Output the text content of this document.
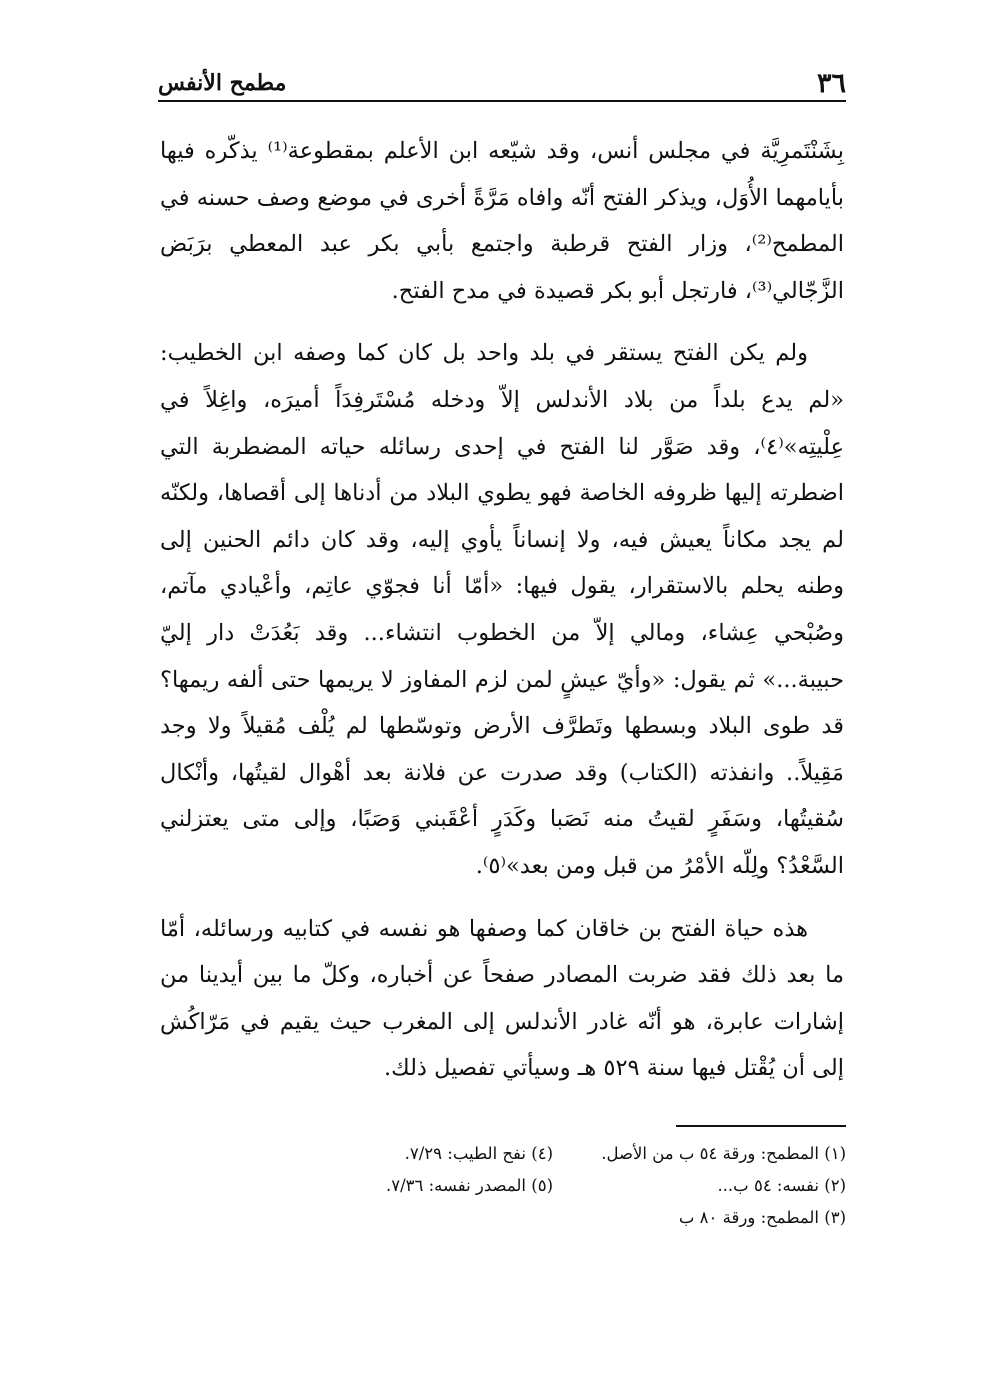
٣٦
مطمح الأنفس

بِشَنْتَمرِيَّة في مجلس أنس، وقد شيّعه ابن الأعلم بمقطوعة⁽¹⁾ يذكّره فيها بأيامهما الأُوَل، ويذكر الفتح أنّه وافاه مَرَّةً أخرى في موضع وصف حسنه في المطمح⁽²⁾، وزار الفتح قرطبة واجتمع بأبي بكر عبد المعطي برَبَض الزَّجّالي⁽³⁾، فارتجل أبو بكر قصيدة في مدح الفتح.

ولم يكن الفتح يستقر في بلد واحد بل كان كما وصفه ابن الخطيب: «لم يدع بلداً من بلاد الأندلس إلاّ ودخله مُسْتَرفِدَاً أميرَه، واغِلاً في عِلْيتِه»⁽٤⁾، وقد صَوَّر لنا الفتح في إحدى رسائله حياته المضطربة التي اضطرته إليها ظروفه الخاصة فهو يطوي البلاد من أدناها إلى أقصاها، ولكنّه لم يجد مكاناً يعيش فيه، ولا إنساناً يأوي إليه، وقد كان دائم الحنين إلى وطنه يحلم بالاستقرار، يقول فيها: «أمّا أنا فجوّي عاتِم، وأعْيادي مآتم، وصُبْحي عِشاء، ومالي إلاّ من الخطوب انتشاء... وقد بَعُدَتْ دار إليّ حبيبة...» ثم يقول: «وأيّ عيشٍ لمن لزم المفاوز لا يريمها حتى ألفه ريمها؟ قد طوى البلاد وبسطها وتَطرَّف الأرض وتوسّطها لم يُلْف مُقيلاً ولا وجد مَقِيلاً.. وانفذته (الكتاب) وقد صدرت عن فلانة بعد أهْوال لقيتُها، وأنْكال سُقيتُها، وسَفَرٍ لقيتُ منه نَصَبا وكَدَرٍ أعْقَبني وَصَبًا، وإلى متى يعتزلني السَّعْدُ؟ ولِلّه الأمْرُ من قبل ومن بعد»⁽٥⁾.

هذه حياة الفتح بن خاقان كما وصفها هو نفسه في كتابيه ورسائله، أمّا ما بعد ذلك فقد ضربت المصادر صفحاً عن أخباره، وكلّ ما بين أيدينا من إشارات عابرة، هو أنّه غادر الأندلس إلى المغرب حيث يقيم في مَرّاكُش إلى أن يُقْتل فيها سنة ٥٢٩ هـ وسيأتي تفصيل ذلك.

(١) المطمح: ورقة ٥٤ ب من الأصل.
(٤) نفح الطيب: ٧/٢٩.
(٢) نفسه: ٥٤ ب...
(٥) المصدر نفسه: ٧/٣٦.
(٣) المطمح: ورقة ٨٠ ب
